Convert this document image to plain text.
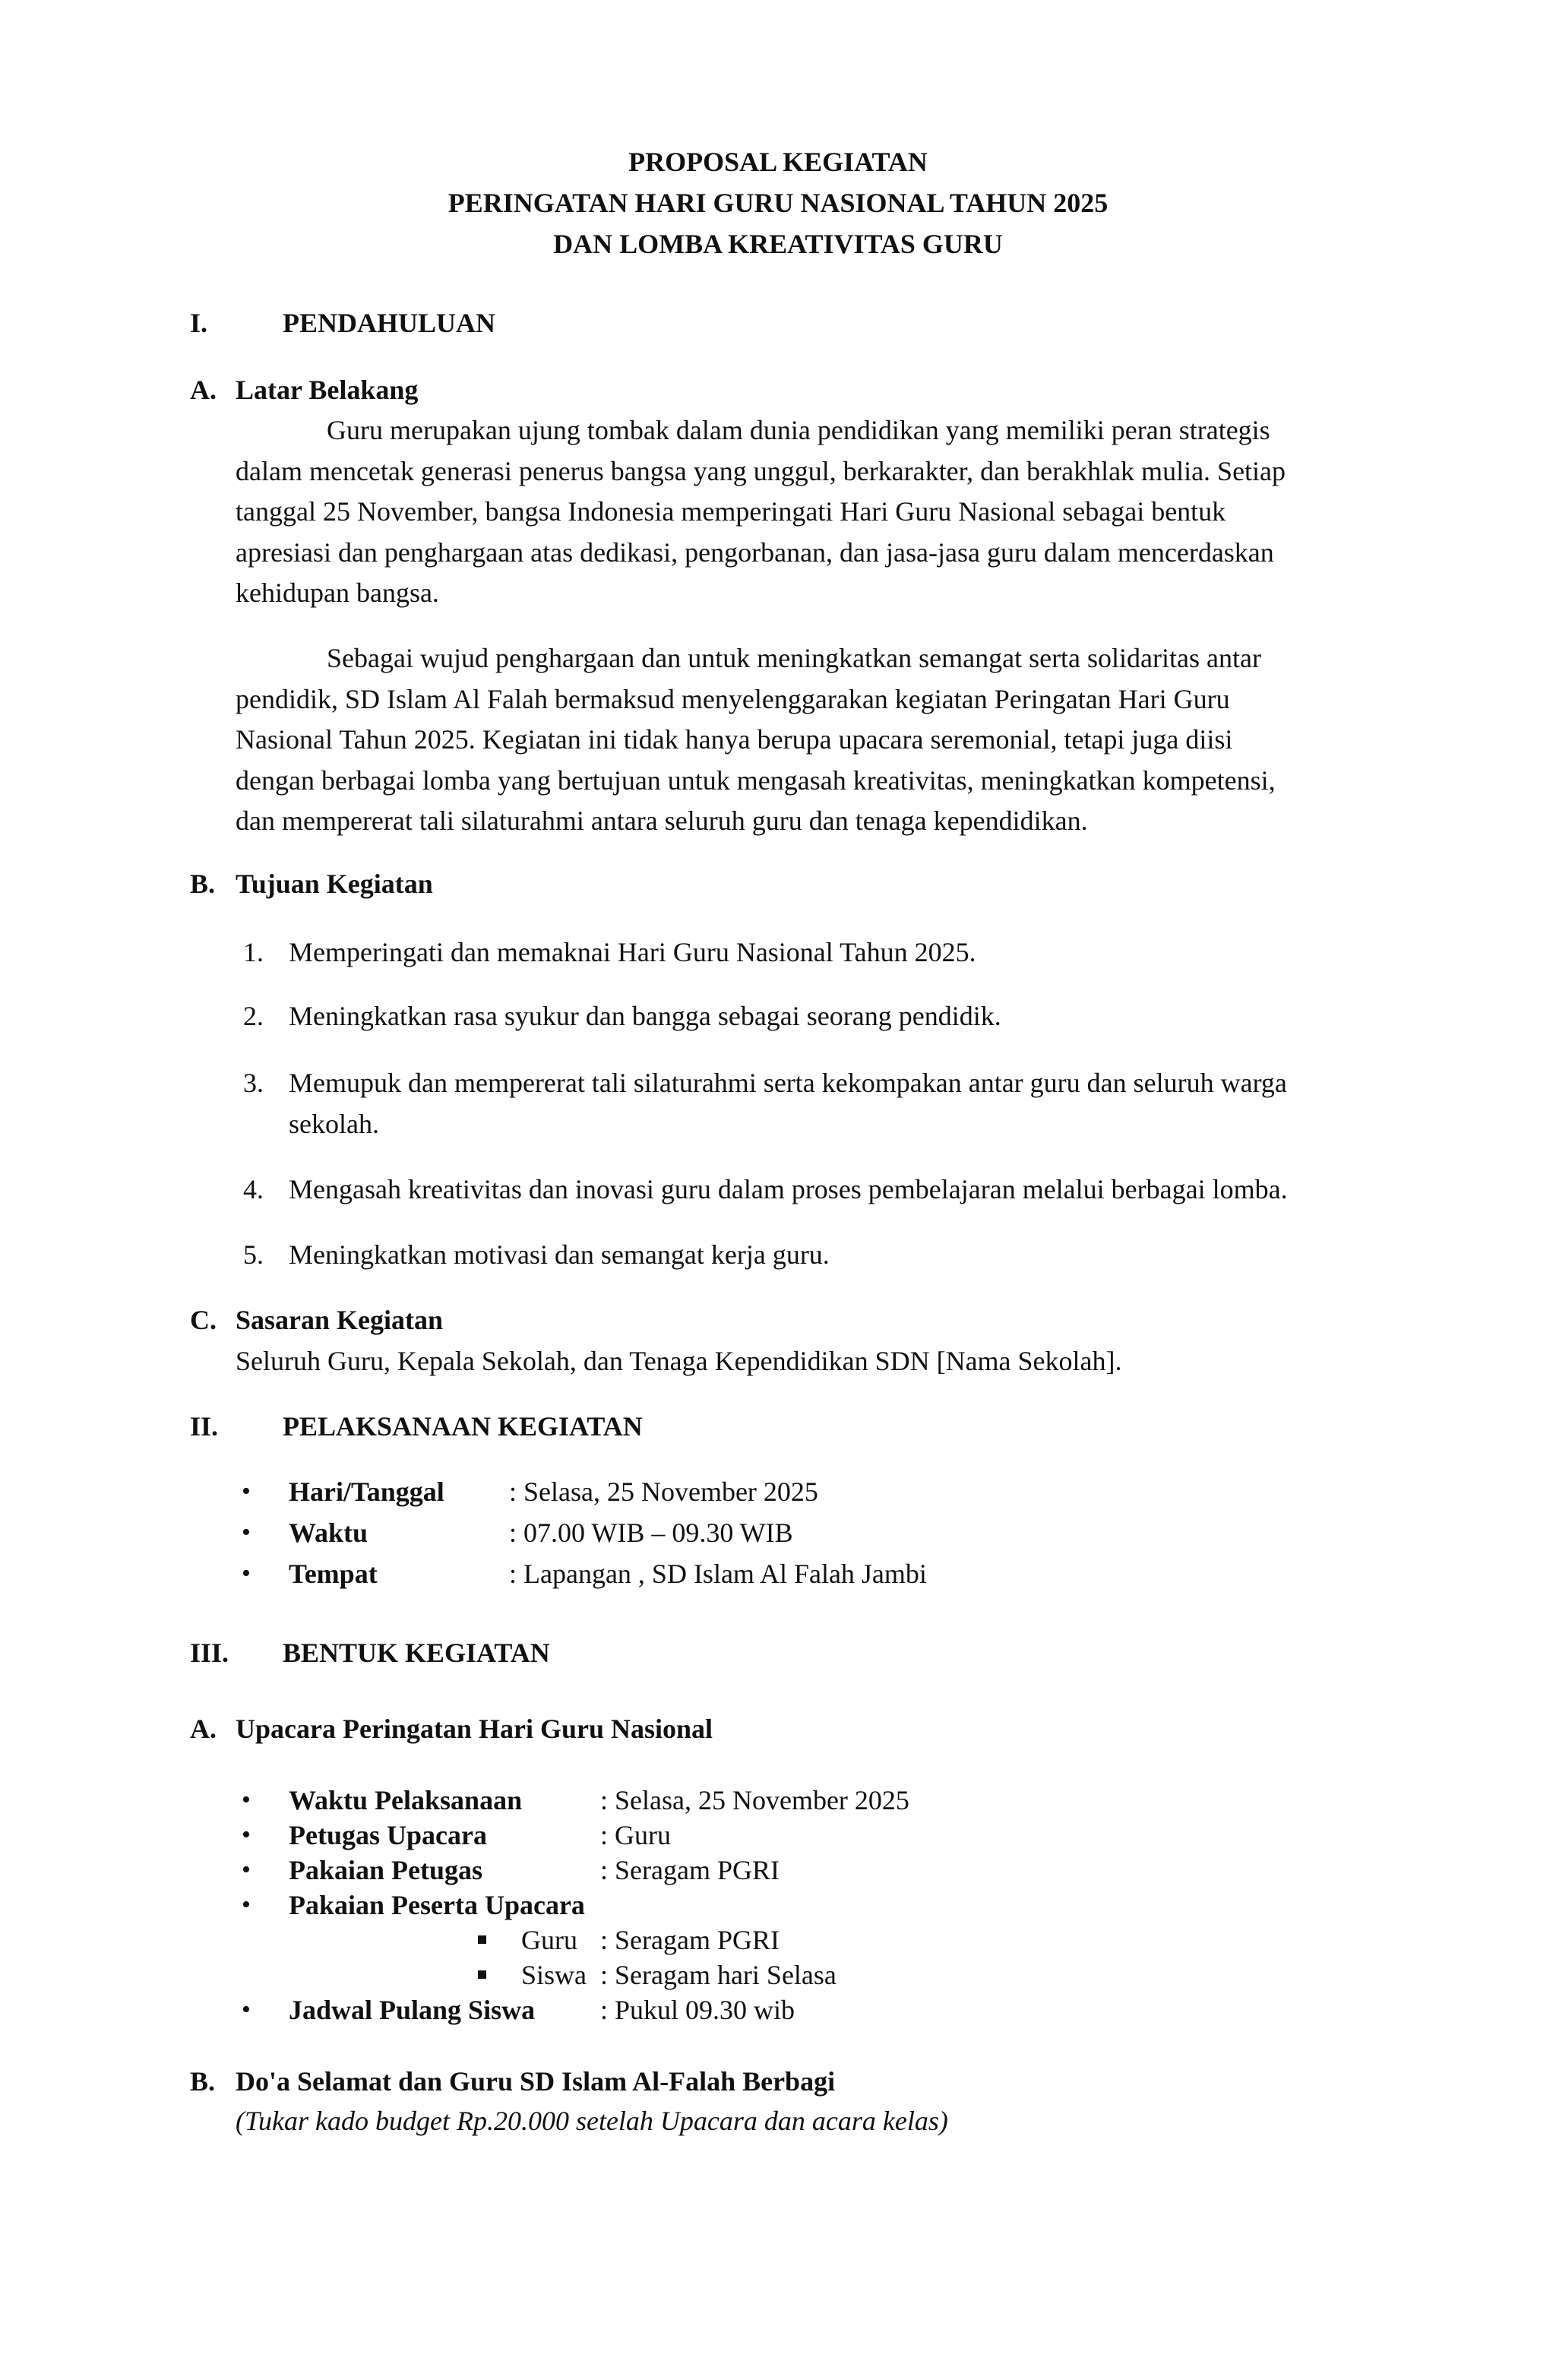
PROPOSAL KEGIATAN
PERINGATAN HARI GURU NASIONAL TAHUN 2025
DAN LOMBA KREATIVITAS GURU
I.	PENDAHULUAN
A. Latar Belakang
Guru merupakan ujung tombak dalam dunia pendidikan yang memiliki peran strategis
dalam mencetak generasi penerus bangsa yang unggul, berkarakter, dan berakhlak mulia. Setiap
tanggal 25 November, bangsa Indonesia memperingati Hari Guru Nasional sebagai bentuk
apresiasi dan penghargaan atas dedikasi, pengorbanan, dan jasa-jasa guru dalam mencerdaskan
kehidupan bangsa.
Sebagai wujud penghargaan dan untuk meningkatkan semangat serta solidaritas antar
pendidik, SD Islam Al Falah bermaksud menyelenggarakan kegiatan Peringatan Hari Guru
Nasional Tahun 2025. Kegiatan ini tidak hanya berupa upacara seremonial, tetapi juga diisi
dengan berbagai lomba yang bertujuan untuk mengasah kreativitas, meningkatkan kompetensi,
dan mempererat tali silaturahmi antara seluruh guru dan tenaga kependidikan.
B. Tujuan Kegiatan
1. Memperingati dan memaknai Hari Guru Nasional Tahun 2025.
2. Meningkatkan rasa syukur dan bangga sebagai seorang pendidik.
3. Memupuk dan mempererat tali silaturahmi serta kekompakan antar guru dan seluruh warga
sekolah.
4. Mengasah kreativitas dan inovasi guru dalam proses pembelajaran melalui berbagai lomba.
5. Meningkatkan motivasi dan semangat kerja guru.
C. Sasaran Kegiatan
Seluruh Guru, Kepala Sekolah, dan Tenaga Kependidikan SDN [Nama Sekolah].
II. PELAKSANAAN KEGIATAN
• Hari/Tanggal : Selasa, 25 November 2025
• Waktu	: 07.00 WIB – 09.30 WIB
• Tempat	: Lapangan , SD Islam Al Falah Jambi
III. BENTUK KEGIATAN
A. Upacara Peringatan Hari Guru Nasional
• Waktu Pelaksanaan	: Selasa, 25 November 2025
• Petugas Upacara	: Guru
• Pakaian Petugas	: Seragam PGRI
• Pakaian Peserta Upacara
Guru : Seragam PGRI
Siswa : Seragam hari Selasa
• Jadwal Pulang Siswa : Pukul 09.30 wib
B. Do'a Selamat dan Guru SD Islam Al-Falah Berbagi
(Tukar kado budget Rp.20.000 setelah Upacara dan acara kelas)
